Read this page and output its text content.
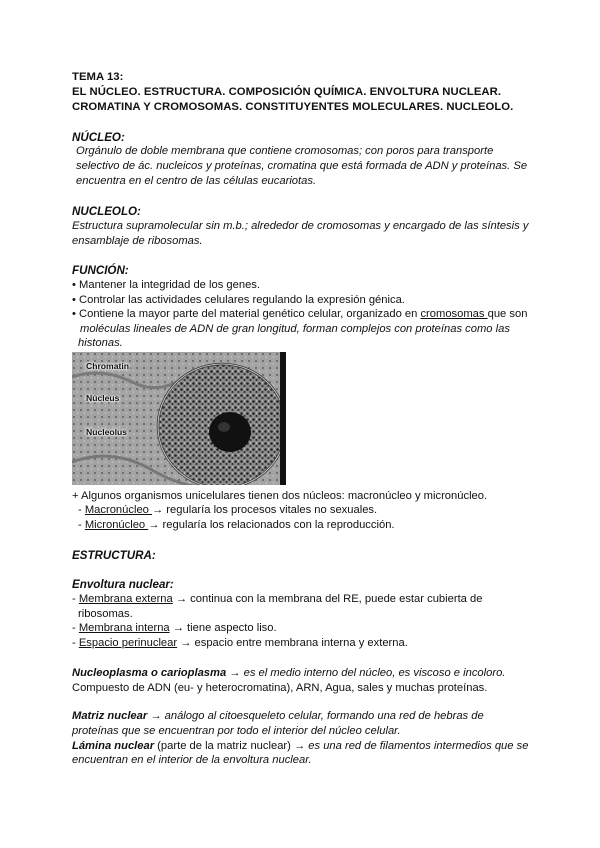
TEMA 13:
EL NÚCLEO. ESTRUCTURA. COMPOSICIÓN QUÍMICA. ENVOLTURA NUCLEAR.
CROMATINA Y CROMOSOMAS. CONSTITUYENTES MOLECULARES. NUCLEOLO.
NÚCLEO:
Orgánulo de doble membrana que contiene cromosomas; con poros para transporte
selectivo de ác. nucleicos y proteínas, cromatina que está formada de ADN y proteínas. Se
encuentra en el centro de las células eucariotas.
NUCLEOLO:
Estructura supramolecular sin m.b.; alrededor de cromosomas y encargado de las síntesis y
ensamblaje de ribosomas.
FUNCIÓN:
• Mantener la integridad de los genes.
• Controlar las actividades celulares regulando la expresión génica.
• Contiene la mayor parte del material genético celular, organizado en cromosomas que son
moléculas lineales de ADN de gran longitud, forman complejos con proteínas como las
histonas.
Chromatin
Nucleus
Nucleolus
+ Algunos organismos unicelulares tienen dos núcleos: macronúcleo y micronúcleo.
- Macronúcleo → regularía los procesos vitales no sexuales.
- Micronúcleo → regularía los relacionados con la reproducción.
ESTRUCTURA:
Envoltura nuclear:
- Membrana externa → continua con la membrana del RE, puede estar cubierta de
ribosomas.
- Membrana interna → tiene aspecto liso.
- Espacio perinuclear → espacio entre membrana interna y externa.
Nucleoplasma o carioplasma → es el medio interno del núcleo, es viscoso e incoloro.
Compuesto de ADN (eu- y heterocromatina), ARN, Agua, sales y muchas proteínas.
Matriz nuclear → análogo al citoesqueleto celular, formando una red de hebras de
proteínas que se encuentran por todo el interior del núcleo celular.
Lámina nuclear (parte de la matriz nuclear) → es una red de filamentos intermedios que se
encuentran en el interior de la envoltura nuclear.
